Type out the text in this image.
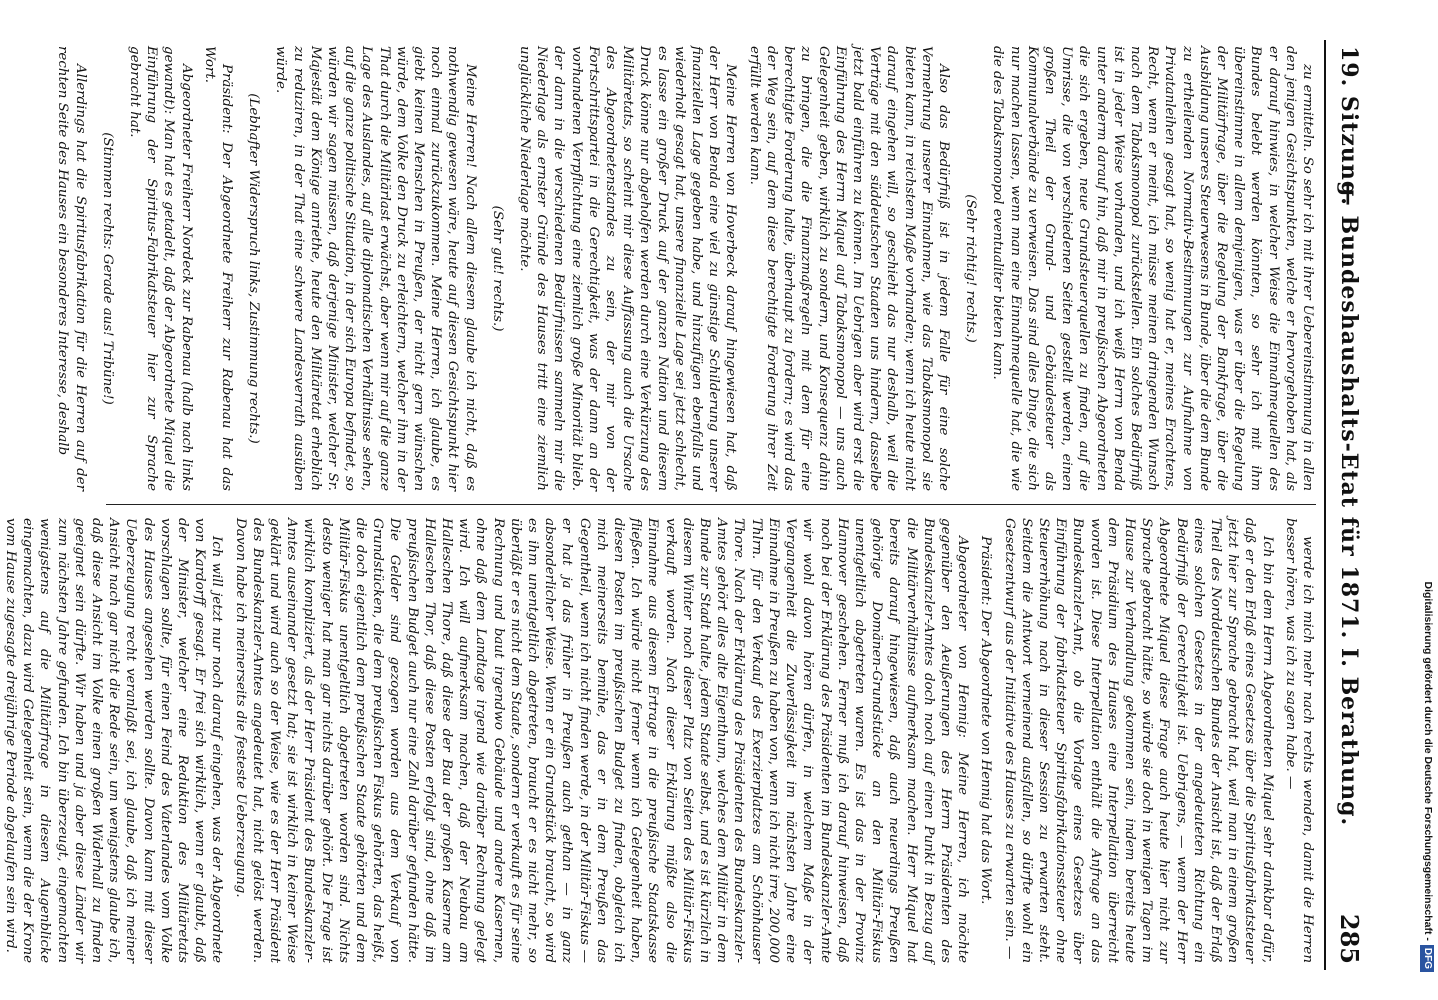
19. Sitzung.
— Bundeshaushalts-Etat für 1871. I. Berathung.
285

zu ermitteln. So sehr ich mit ihrer Uebereinstimmung in allen den jenigen Gesichtspunkten, welche er hervorgehoben hat, als er darauf hinwies, in welcher Weise die Einnahmequellen des Bundes belebt werden könnten, so sehr ich mit ihm übereinstimme in allem demjenigen, was er über die Regelung der Militärfrage, über die Regelung der Bankfrage, über die Ausbildung unseres Steuerwesens in Bunde, über die dem Bunde zu ertheilenden Normativ-Bestimmungen zur Aufnahme von Privatanleihen gesagt hat, so wenig hat er, meines Erachtens, Recht, wenn er meint, ich müsse meinen dringenden Wunsch nach dem Tabaksmonopol zurückstellen. Ein solches Bedürfniß ist in jeder Weise vorhanden, und ich weiß Herrn von Benda unter anderm darauf hin, daß mir in preußischen Abgeordneten die sich ergeben, neue Grundsteuerquellen zu finden, auf die Umrisse, die von verschiedenen Seiten gestellt werden, einen großen Theil der Grund- und Gebäudesteuer als Kommunalverbände zu verweisen. Das sind alles Dinge, die sich nur machen lassen, wenn man eine Einnahmequelle hat, die wie die des Tabaksmonopol eventualiter bieten kann.

(Sehr richtig! rechts.)

Also das Bedürfniß ist in jedem Falle für eine solche Vermehrung unserer Einnahmen, wie das Tabaksmonopol sie bieten kann, in reichstem Maße vorhanden; wenn ich heute nicht darauf eingehen will, so geschieht das nur deshalb, weil die Verträge mit den süddeutschen Staaten uns hindern, dasselbe jetzt bald einführen zu können. Im Uebrigen aber wird erst die Einführung des Herrn Miquel auf Tabaksmonopol — uns auch Gelegenheit geben, wirklich zu sondern, und Konsequenz dahin zu bringen, die die Finanzmaßregeln mit dem für eine berechtigte Forderung halte, überhaupt zu fordern; es wird das der Weg sein, auf dem diese berechtigte Forderung ihrer Zeit erfüllt werden kann.

Meine Herren von Hoverbeck darauf hingewiesen hat, daß der Herr von Benda eine viel zu günstige Schilderung unserer finanziellen Lage gegeben habe, und hinzufügen ebenfalls und wiederholt gesagt hat, unsere finanzielle Lage sei jetzt schlecht, es lasse ein großer Druck auf der ganzen Nation und diesem Druck könne nur abgeholfen werden durch eine Verkürzung des Militäretats, so scheint mir diese Auffassung auch die Ursache des Abgeordnetenstandes zu sein, der mir von der Fortschrittspartei in die Gerechtigkeit, was der dann an der vorhandenen Verpflichtung eine ziemlich große Minorität blieb. der dann in die verschiedenen Bedürfnissen sammeln mir die Niederlage als ernster Gründe des Hauses tritt eine ziemlich unglückliche Niederlage möchte.

(Sehr gut! rechts.)

Meine Herren! Nach allem diesem glaube ich nicht, daß es nothwendig gewesen wäre, heute auf diesen Gesichtspunkt hier noch einmal zurückzukommen. Meine Herren, ich glaube, es giebt keinen Menschen in Preußen, der nicht gern wünschen würde, dem Volke den Druck zu erleichtern, welcher ihm in der That durch die Militärlast erwächst, aber wenn mir auf die ganze Lage des Auslandes, auf alle diplomatischen Verhältnisse sehen, auf die ganze politische Situation, in der sich Europa befindet, so würden wir sagen müssen, daß derjenige Minister, welcher Sr. Majestät dem Könige anriethe, heute den Militäretat erheblich zu reduziren, in der That eine schwere Landesverrath ausüben würde.

(Lebhafter Widerspruch links, Zustimmung rechts.)

Präsident: Der Abgeordnete Freiherr zur Rabenau hat das Wort.

Abgeordneter Freiherr Nordeck zur Rabenau (halb nach links gewandt): Man hat es getadelt, daß der Abgeordnete Miquel die Einführung der Spiritus-Fabrikatsteuer hier zur Sprache gebracht hat.

(Stimmen rechts: Gerade aus! Tribüne!)

Allerdings hat die Spiritusfabrikation für die Herren auf der rechten Seite des Hauses ein besonderes Interesse, deshalb

werde ich mich mehr nach rechts wenden, damit die Herren besser hören, was ich zu sagen habe. —

Ich bin dem Herrn Abgeordneten Miquel sehr dankbar dafür, daß er den Erlaß eines Gesetzes über die Spiritusfabrikatsteuer jetzt hier zur Sprache gebracht hat, weil man in einem großen Theil des Norddeutschen Bundes der Ansicht ist, daß der Erlaß eines solchen Gesetzes in der angedeuteten Richtung ein Bedürfniß der Gerechtigkeit ist. Uebrigens, — wenn der Herr Abgeordnete Miquel diese Frage auch heute hier nicht zur Sprache gebracht hätte, so würde sie doch in wenigen Tagen im Hause zur Verhandlung gekommen sein, indem bereits heute dem Präsidium des Hauses eine Interpellation überreicht worden ist. Diese Interpellation enthält die Anfrage an das Bundeskanzler-Amt, ob die Vorlage eines Gesetzes über Einführung der fabrikatsteuer Spiritusfabrikationssteuer ohne Steuererhöhung nach in dieser Session zu erwarten steht. Seitdem die Antwort verneinend ausfallen, so dürfte wohl ein Gesetzentwurf aus der Initiative des Hauses zu erwarten sein. —

Präsident: Der Abgeordnete von Hennig hat das Wort.

Abgeordneter von Hennig: Meine Herren, ich möchte gegenüber den Aeußerungen des Herrn Präsidenten des Bundeskanzler-Amtes doch noch auf einen Punkt in Bezug auf die Militärverhältnisse aufmerksam machen. Herr Miquel hat bereits darauf hingewiesen, daß auch neuerdings Preußen gehörige Domänen-Grundstücke an den Militär-Fiskus unentgeltlich abgetreten waren. Es ist das in der Provinz Hannover geschehen. Ferner muß ich darauf hinweisen, daß noch bei der Erklärung des Präsidenten im Bundeskanzler-Amte wir wohl davon hören dürfen, in welchem Maße in der Vergangenheit die Zuverlässigkeit im nächsten Jahre eine Einnahme in Preußen zu haben von, wenn ich nicht irre, 200,000 Thlrn. für den Verkauf des Exerzierplatzes am Schönhauser Thore. Nach der Erklärung des Präsidenten des Bundeskanzler-Amtes gehört alles alte Eigenthum, welches dem Militär in dem Bunde zur Stadt halte, jedem Staate selbst, und es ist kürzlich in diesem Winter noch dieser Platz von Seiten des Militär-Fiskus verkauft worden. Nach dieser Erklärung müßte also die Einnahme aus diesem Ertrage in die preußische Staatskasse fließen. Ich würde nicht ferner wenn ich Gelegenheit haben, diesen Posten im preußischen Budget zu finden, obgleich ich mich meinerseits bemühe, das er in dem Preußen das Gegentheil, wenn ich nicht finden werde, in der Militär-Fiskus — er hat ja das früher in Preußen auch gethan — in ganz absonderlicher Weise. Wenn er ein Grundstück braucht, so wird es ihm unentgeltlich abgetreten, braucht er es nicht mehr, so überläßt er es nicht dem Staate, sondern er verkauft es für seine Rechnung und baut irgendwo Gebäude und andere Kasernen, ohne daß dem Landtage irgend wie darüber Rechnung gelegt wird. Ich will aufmerksam machen, daß der Neubau am Halleschen Thore, daß diese der Bau der großen Kaserne am Halleschen Thor, daß diese Posten erfolgt sind, ohne daß im preußischen Budget auch nur eine Zahl darüber gefunden hätte. Die Gelder sind gezogen worden aus dem Verkauf von Grundstücken, die dem preußischen Fiskus gehörten, das heißt, die doch eigentlich dem preußischen Staate gehörten und dem Militär-Fiskus unentgeltlich abgetreten worden sind. Nichts desto weniger hat man gar nichts darüber gehört. Die Frage ist wirklich kompliziert, als der Herr Präsident des Bundeskanzler-Amtes auseinander gesetzt hat; sie ist wirklich in keiner Weise geklärt und wird auch so der Weise, wie es der Herr Präsident des Bundeskanzler-Amtes angedeutet hat, nicht gelöst werden. Davon habe ich meinerseits die festeste Ueberzeugung.

Ich will jetzt nur noch darauf eingehen, was der Abgeordnete von Kardorff gesagt. Er frei sich wirklich, wenn er glaubt, daß der Minister, welcher eine Reduktion des Militäretats vorschlagen sollte, für einen Feind des Vaterlandes vom Volke des Hauses angesehen werden sollte. Davon kann mit dieser Ueberzeugung recht veranlaßt sei, ich glaube, daß ich meiner Ansicht nach gar nicht die Rede sein, um wenigstens glaube ich, daß diese Ansicht im Volke einen großen Widerhall zu finden geeignet sein dürfte. Wir haben und ja aber diese Länder wir zum nächsten Jahre gefunden. Ich bin überzeugt, eingemachten wenigstens auf die Militärfrage in diesem Augenblicke eingemachten, dazu wird Gelegenheit sein, wenn die der Krone vom Hause zugesagte dreijährige Periode abgelaufen sein wird.	Digitalisierung gefördert durch die Deutsche Forschungsgemeinschaft -DFG
